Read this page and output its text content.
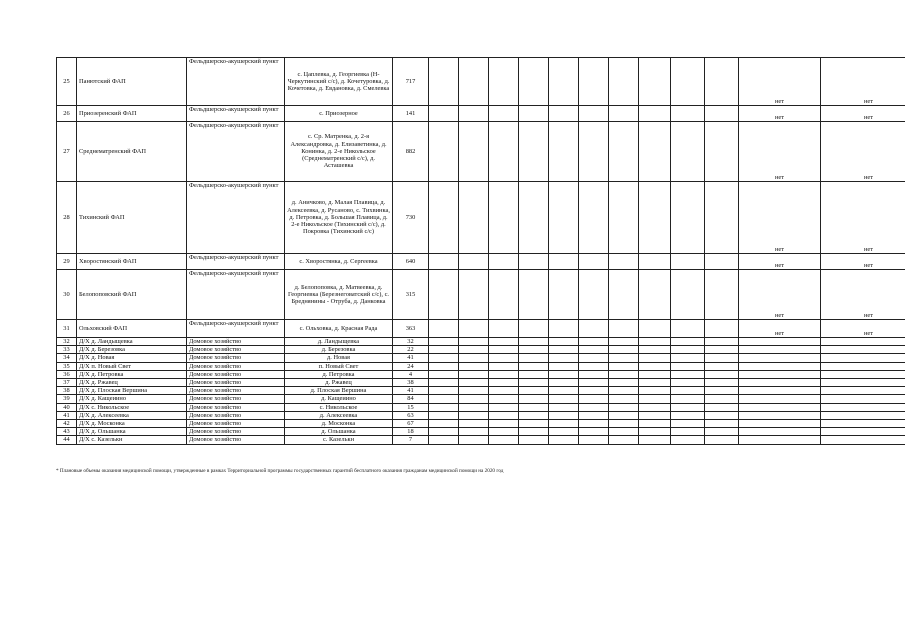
25	Панютский ФАП	Фельдшерско-акушерский пункт	с. Цаплевка, д. Георгиевка (Н-Черкутинский с/с), д. Кочетуровка, д. Кочетовка, д. Евдановка, д. Смелевка	717											нет	нет
26	Приозеренский ФАП	Фельдшерско-акушерский пункт	с. Приозерное	141											нет	нет
27	Среднематренский ФАП	Фельдшерско-акушерский пункт	с. Ср. Матренка, д. 2-я Александровка, д. Елизаветинка, д. Конинка, д. 2-е Никольское (Среднематренский с/с), д. Асташевка	882											нет	нет
28	Тихинский ФАП	Фельдшерско-акушерский пункт	д. Аничково, д. Малая Плавица, д. Алексеевка, д. Русаново, с. Тихвинка, д. Петровка, д. Большая Плавица, д. 2-е Никольское (Тихинский с/с), д. Покровка (Тихинский с/с)	730											нет	нет
29	Хворостянский ФАП	Фельдшерско-акушерский пункт	с. Хворостянка, д. Сергеевка	640											нет	нет
30	Белопоповский ФАП	Фельдшерско-акушерский пункт	д. Белопоповка, д. Матвеевка, д. Георгиевка (Березнеговатский с/с), с. Бреднянины - Отруба, д. Данковка	315											нет	нет
31	Ольховский ФАП	Фельдшерско-акушерский пункт	с. Ольховка, д. Красная Рада	363											нет	нет
32	Д/Х д. Ландыщевка	Домовое хозяйство	д. Ландыщевка	32												
33	Д/Х д. Березовка	Домовое хозяйство	д. Березовка	22												
34	Д/Х д. Новая	Домовое хозяйство	д. Новая	41												
35	Д/Х п. Новый Свет	Домовое хозяйство	п. Новый Свет	24												
36	Д/Х д. Петровка	Домовое хозяйство	д. Петровка	4												
37	Д/Х д. Ржавец	Домовое хозяйство	д. Ржавец	38												
38	Д/Х д. Плоская Вершина	Домовое хозяйство	д. Плоская Вершина	41												
39	Д/Х д. Кащеиино	Домовое хозяйство	д. Кащеиино	84												
40	Д/Х с. Никольское	Домовое хозяйство	с. Никольское	15												
41	Д/Х д. Алексеевка	Домовое хозяйство	д. Алексеевка	63												
42	Д/Х д. Москонка	Домовое хозяйство	д. Москонка	67												
43	Д/Х д. Ольшанка	Домовое хозяйство	д. Ольшанка	18												
44	Д/Х с. Казелькн	Домовое хозяйство	с. Казелькн	7												
* Плановые объемы оказания медицинской помощи, утвержденные в рамках Территориальной программы государственных гарантий бесплатного оказания гражданам медицинской помощи на 2020 год
